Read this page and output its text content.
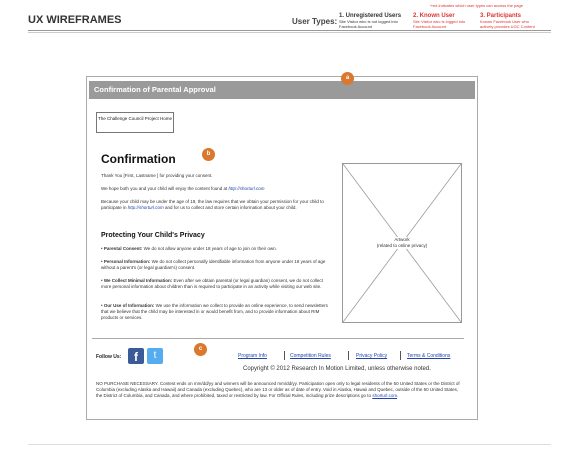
*red indicates which user types can access the page
UX WIREFRAMES	User Types:
1. Unregistered Users
Site Visitor who is not logged into Facebook Account
2. Known User
Site Visitor who is logged into Facebook Account
3. Participants
Known Facebook User who actively provides UGC Content
Confirmation of Parental Approval
a
The Challenge Council Project Home
Confirmation	b
Thank You [First, Lastname ] for providing your consent.
We hope both you and your child will enjoy the content found at http://shorturl.com
Because your child may be under the age of 18, the law requires that we obtain your permission for your child to participate in http://shorturl.com and for us to collect and store certain information about your child.
Protecting Your Child's Privacy
• Parental Consent: We do not allow anyone under 18 years of age to join on their own.
• Personal Information: We do not collect personally identifiable information from anyone under 18 years of age without a parent's (or legal guardian's) consent.
• We Collect Minimal Information: Even after we obtain parental (or legal guardian) consent, we do not collect more personal information about children than is required to participate in an activity while visiting our web site.
• Our Use of Information: We use the information we collect to provide an online experience, to send newsletters that we believe that the child may be interested in or would benefit from, and to provide information about RIM products or services.
Artwork
(related to online privacy)
Follow Us:	f	t
c
Program Info	Competition Rules	Privacy Policy	Terms & Conditions
Copyright © 2012 Research In Motion Limited, unless otherwise noted.
NO PURCHASE NECESSARY. Contest ends on mm/dd/yy and winners will be announced mm/dd/yy. Participation open only to legal residents of the 50 United States or the District of Columbia (excluding Alaska and Hawaii) and Canada (excluding Quebec), who are 13 or older as of date of entry. Void in Alaska, Hawaii and Quebec, outside of the 50 United States, the District of Columbia, and Canada, and where prohibited, taxed or restricted by law. For Official Rules, including prize descriptions go to shorturl.com.
